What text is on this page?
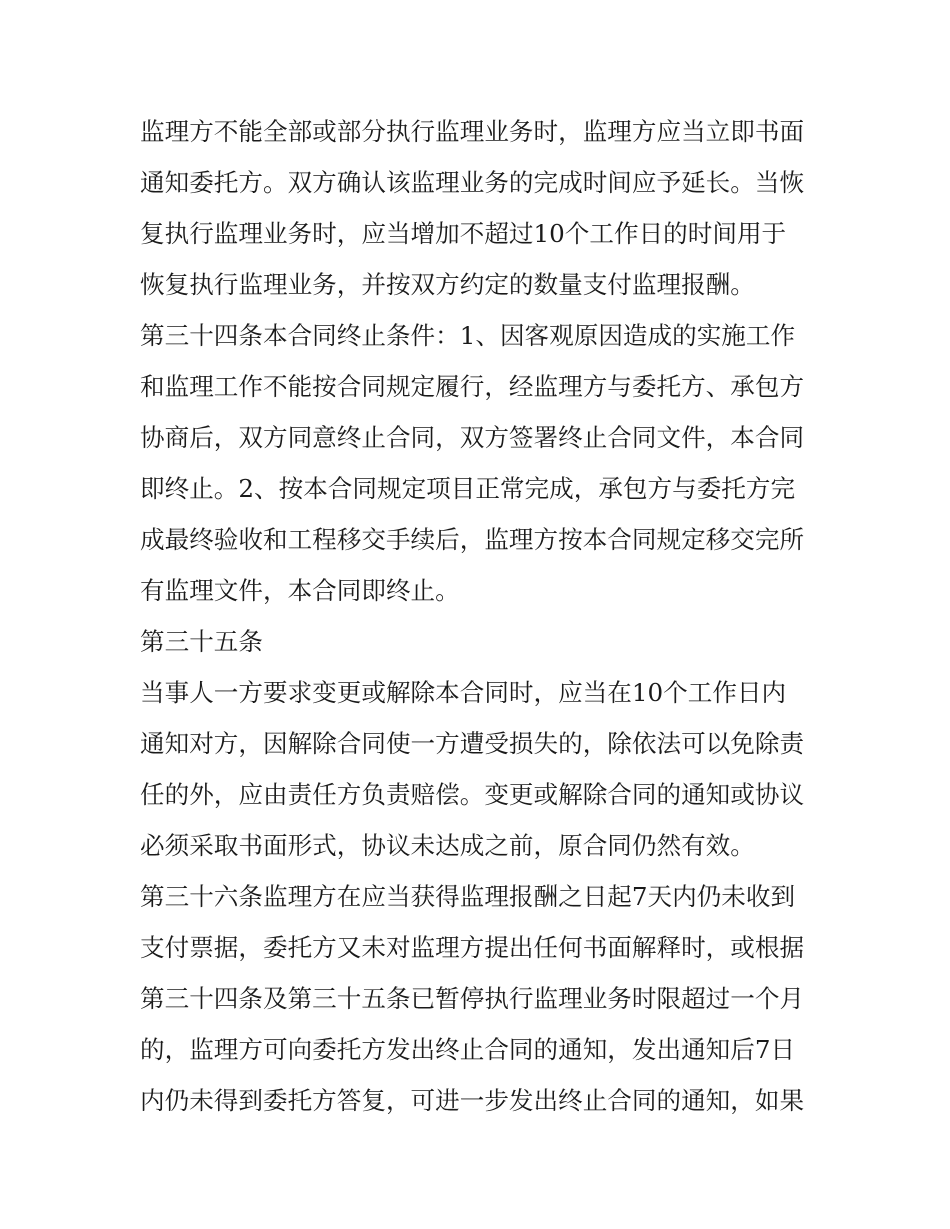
监理方不能全部或部分执行监理业务时，监理方应当立即书面
通知委托方。双方确认该监理业务的完成时间应予延长。当恢
复执行监理业务时，应当增加不超过10个工作日的时间用于
恢复执行监理业务，并按双方约定的数量支付监理报酬。
第三十四条本合同终止条件：1、因客观原因造成的实施工作
和监理工作不能按合同规定履行，经监理方与委托方、承包方
协商后，双方同意终止合同，双方签署终止合同文件，本合同
即终止。2、按本合同规定项目正常完成，承包方与委托方完
成最终验收和工程移交手续后，监理方按本合同规定移交完所
有监理文件，本合同即终止。
第三十五条
当事人一方要求变更或解除本合同时，应当在10个工作日内
通知对方，因解除合同使一方遭受损失的，除依法可以免除责
任的外，应由责任方负责赔偿。变更或解除合同的通知或协议
必须采取书面形式，协议未达成之前，原合同仍然有效。
第三十六条监理方在应当获得监理报酬之日起7天内仍未收到
支付票据，委托方又未对监理方提出任何书面解释时，或根据
第三十四条及第三十五条已暂停执行监理业务时限超过一个月
的，监理方可向委托方发出终止合同的通知，发出通知后7日
内仍未得到委托方答复，可进一步发出终止合同的通知，如果
